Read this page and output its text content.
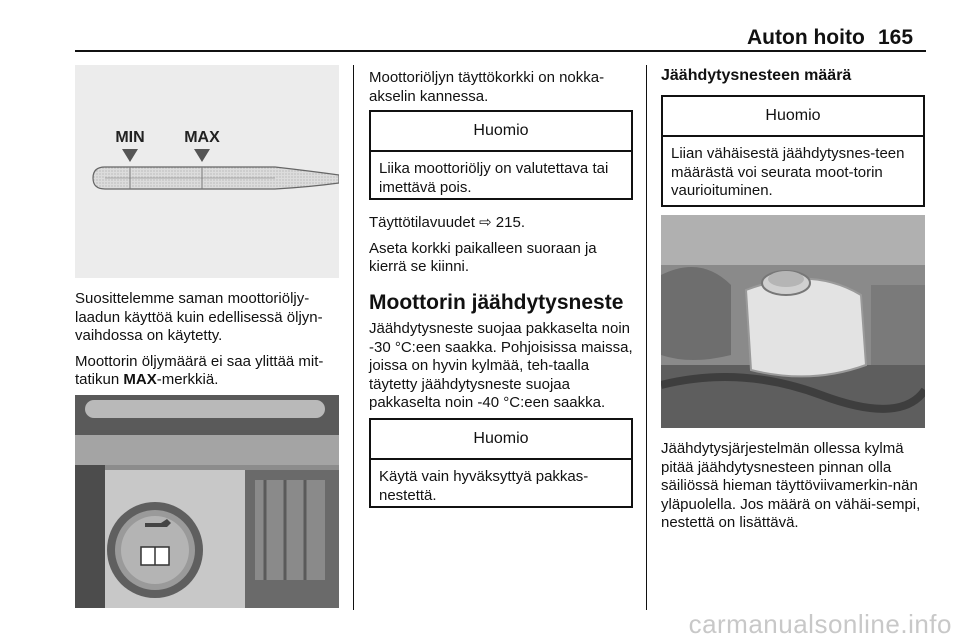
Auton hoito 165
MIN MAX

Suosittelemme saman moottoriöljy-laadun käyttöä kuin edellisessä öljyn-vaihdossa on käytetty.

Moottorin öljymäärä ei saa ylittää mit-tatikun MAX-merkkiä.

Moottoriöljyn täyttökorkki on nokka-akselin kannessa.
Huomio
Liika moottoriöljy on valutettava tai imettävä pois.

Täyttötilavuudet ⇨ 215.

Aseta korkki paikalleen suoraan ja kierrä se kiinni.

Moottorin jäähdytysneste
Jäähdytysneste suojaa pakkaselta noin -30 °C:een saakka. Pohjoisissa maissa, joissa on hyvin kylmää, teh-taalla täytetty jäähdytysneste suojaa pakkaselta noin -40 °C:een saakka.
Huomio
Käytä vain hyväksyttyä pakkas-nestettä.
Jäähdytysnesteen määrä
Huomio
Liian vähäisestä jäähdytysnes-teen määrästä voi seurata moot-torin vaurioituminen.
Jäähdytysjärjestelmän ollessa kylmä pitää jäähdytysnesteen pinnan olla säiliössä hieman täyttöviivamerkin-nän yläpuolella. Jos määrä on vähäi-sempi, nestettä on lisättävä.
carmanualsonline.info
